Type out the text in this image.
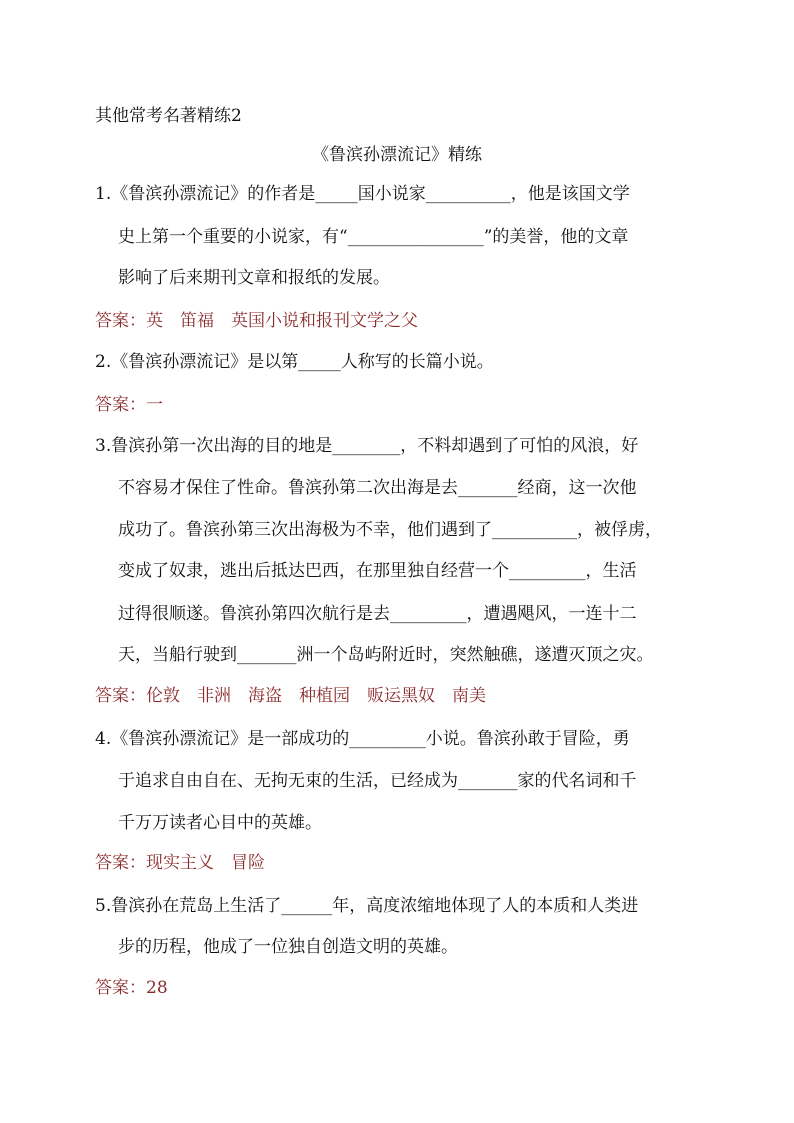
其他常考名著精练2
《鲁滨孙漂流记》精练
1.《鲁滨孙漂流记》的作者是_____国小说家__________，他是该国文学
史上第一个重要的小说家，有“________________”的美誉，他的文章
影响了后来期刊文章和报纸的发展。
答案：英　笛福　英国小说和报刊文学之父
2.《鲁滨孙漂流记》是以第_____人称写的长篇小说。
答案：一
3.鲁滨孙第一次出海的目的地是________，不料却遇到了可怕的风浪，好
不容易才保住了性命。鲁滨孙第二次出海是去_______经商，这一次他
成功了。鲁滨孙第三次出海极为不幸，他们遇到了__________，被俘虏，
变成了奴隶，逃出后抵达巴西，在那里独自经营一个_________，生活
过得很顺遂。鲁滨孙第四次航行是去_________，遭遇飓风，一连十二
天，当船行驶到_______洲一个岛屿附近时，突然触礁，遂遭灭顶之灾。
答案：伦敦　非洲　海盗　种植园　贩运黑奴　南美
4.《鲁滨孙漂流记》是一部成功的_________小说。鲁滨孙敢于冒险，勇
于追求自由自在、无拘无束的生活，已经成为_______家的代名词和千
千万万读者心目中的英雄。
答案：现实主义　冒险
5.鲁滨孙在荒岛上生活了______年，高度浓缩地体现了人的本质和人类进
步的历程，他成了一位独自创造文明的英雄。
答案：28
